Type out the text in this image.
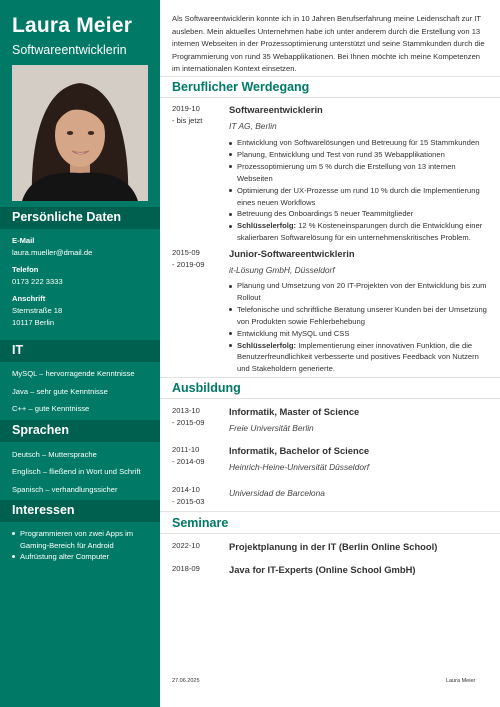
Laura Meier
Softwareentwicklerin
Persönliche Daten
E-Mail
laura.mueller@dmail.de
Telefon
0173 222 3333
Anschrift
Sternstraße 18
10117 Berlin
IT
MySQL – hervorragende Kenntnisse
Java – sehr gute Kenntnisse
C++ – gute Kenntnisse
Sprachen
Deutsch – Muttersprache
Englisch – fließend in Wort und Schrift
Spanisch – verhandlungssicher
Interessen
Programmieren von zwei Apps im Gaming-Bereich für Android
Aufrüstung alter Computer

Als Softwareentwicklerin konnte ich in 10 Jahren Berufserfahrung meine Leidenschaft zur IT ausleben. Mein aktuelles Unternehmen habe ich unter anderem durch die Erstellung von 13 internen Webseiten in der Prozessoptimierung unterstützt und seine Stammkunden durch die Programmierung von rund 35 Webapplikationen. Bei Ihnen möchte ich meine Kompetenzen im internationalen Kontext einsetzen.

Beruflicher Werdegang
2019-10
- bis jetzt
Softwareentwicklerin
IT AG, Berlin
Entwicklung von Softwarelösungen und Betreuung für 15 Stammkunden
Planung, Entwicklung und Test von rund 35 Webapplikationen
Prozessoptimierung um 5 % durch die Erstellung von 13 internen Webseiten
Optimierung der UX-Prozesse um rund 10 % durch die Implementierung eines neuen Workflows
Betreuung des Onboardings 5 neuer Teammitglieder
Schlüsselerfolg: 12 % Kosteneinsparungen durch die Entwicklung einer skalierbaren Softwarelösung für ein unternehmenskritisches Problem.
2015-09
- 2019-09
Junior-Softwareentwicklerin
it-Lösung GmbH, Düsseldorf
Planung und Umsetzung von 20 IT-Projekten von der Entwicklung bis zum Rollout
Telefonische und schriftliche Beratung unserer Kunden bei der Umsetzung von Produkten sowie Fehlerbehebung
Entwicklung mit MySQL und CSS
Schlüsselerfolg: Implementierung einer innovativen Funktion, die die Benutzerfreundlichkeit verbesserte und positives Feedback von Nutzern und Stakeholdern generierte.
Ausbildung
2013-10
- 2015-09
Informatik, Master of Science
Freie Universität Berlin
2011-10
- 2014-09
Informatik, Bachelor of Science
Heinrich-Heine-Universität Düsseldorf
2014-10
- 2015-03
Universidad de Barcelona
Seminare
2022-10	Projektplanung in der IT (Berlin Online School)
2018-09	Java for IT-Experts (Online School GmbH)
27.06.2025	Laura Meier
